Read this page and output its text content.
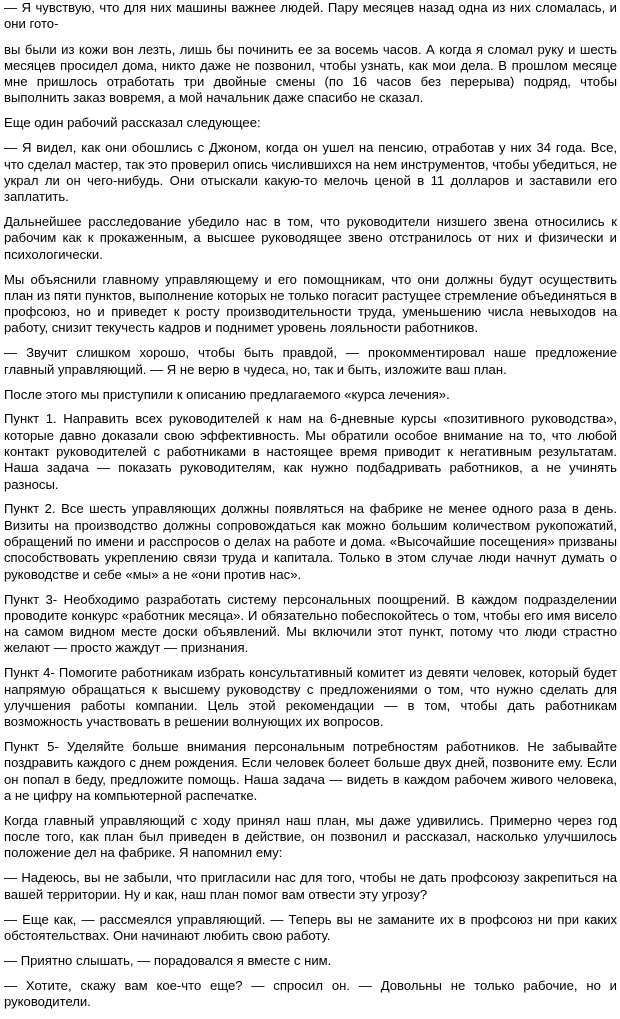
— Я чувствую, что для них машины важнее людей. Пару месяцев назад одна из них сломалась, и они гото-

вы были из кожи вон лезть, лишь бы починить ее за восемь часов. А когда я сломал руку и шесть месяцев просидел дома, никто даже не позвонил, чтобы узнать, как мои дела. В прошлом месяце мне пришлось отработать три двойные смены (по 16 часов без перерыва) подряд, чтобы выполнить заказ вовремя, а мой начальник даже спасибо не сказал.

Еще один рабочий рассказал следующее:

— Я видел, как они обошлись с Джоном, когда он ушел на пенсию, отработав у них 34 года. Все, что сделал мастер, так это проверил опись числившихся на нем инструментов, чтобы убедиться, не украл ли он чего-нибудь. Они отыскали какую-то мелочь ценой в 11 долларов и заставили его заплатить.

Дальнейшее расследование убедило нас в том, что руководители низшего звена относились к рабочим как к прокаженным, а высшее руководящее звено отстранилось от них и физически и психологически.

Мы объяснили главному управляющему и его помощникам, что они должны будут осуществить план из пяти пунктов, выполнение которых не только погасит растущее стремление объединяться в профсоюз, но и приведет к росту производительности труда, уменьшению числа невыходов на работу, снизит текучесть кадров и поднимет уровень лояльности работников.

— Звучит слишком хорошо, чтобы быть правдой, — прокомментировал наше предложение главный управляющий. — Я не верю в чудеса, но, так и быть, изложите ваш план.

После этого мы приступили к описанию предлагаемого «курса лечения».

Пункт 1. Направить всех руководителей к нам на 6-дневные курсы «позитивного руководства», которые давно доказали свою эффективность. Мы обратили особое внимание на то, что любой контакт руководителей с работниками в настоящее время приводит к негативным результатам. Наша задача — показать руководителям, как нужно подбадривать работников, а не учинять разносы.

Пункт 2. Все шесть управляющих должны появляться на фабрике не менее одного раза в день. Визиты на производство должны сопровождаться как можно большим количеством рукопожатий, обращений по имени и расспросов о делах на работе и дома. «Высочайшие посещения» призваны способствовать укреплению связи труда и капитала. Только в этом случае люди начнут думать о руководстве и себе «мы» а не «они против нас».

Пункт 3- Необходимо разработать систему персональных поощрений. В каждом подразделении проводите конкурс «работник месяца». И обязательно побеспокойтесь о том, чтобы его имя висело на самом видном месте доски объявлений. Мы включили этот пункт, потому что люди страстно желают — просто жаждут — признания.

Пункт 4- Помогите работникам избрать консультативный комитет из девяти человек, который будет напрямую обращаться к высшему руководству с предложениями о том, что нужно сделать для улучшения работы компании. Цель этой рекомендации — в том, чтобы дать работникам возможность участвовать в решении волнующих их вопросов.

Пункт 5- Уделяйте больше внимания персональным потребностям работников. Не забывайте поздравить каждого с днем рождения. Если человек болеет больше двух дней, позвоните ему. Если он попал в беду, предложите помощь. Наша задача — видеть в каждом рабочем живого человека, а не цифру на компьютерной распечатке.

Когда главный управляющий с ходу принял наш план, мы даже удивились. Примерно через год после того, как план был приведен в действие, он позвонил и рассказал, насколько улучшилось положение дел на фабрике. Я напомнил ему:

— Надеюсь, вы не забыли, что пригласили нас для того, чтобы не дать профсоюзу закрепиться на вашей территории. Ну и как, наш план помог вам отвести эту угрозу?

— Еще как, — рассмеялся управляющий. — Теперь вы не заманите их в профсоюз ни при каких обстоятельствах. Они начинают любить свою работу.

— Приятно слышать, — порадовался я вместе с ним.

— Хотите, скажу вам кое-что еще? — спросил он. — Довольны не только рабочие, но и руководители.
